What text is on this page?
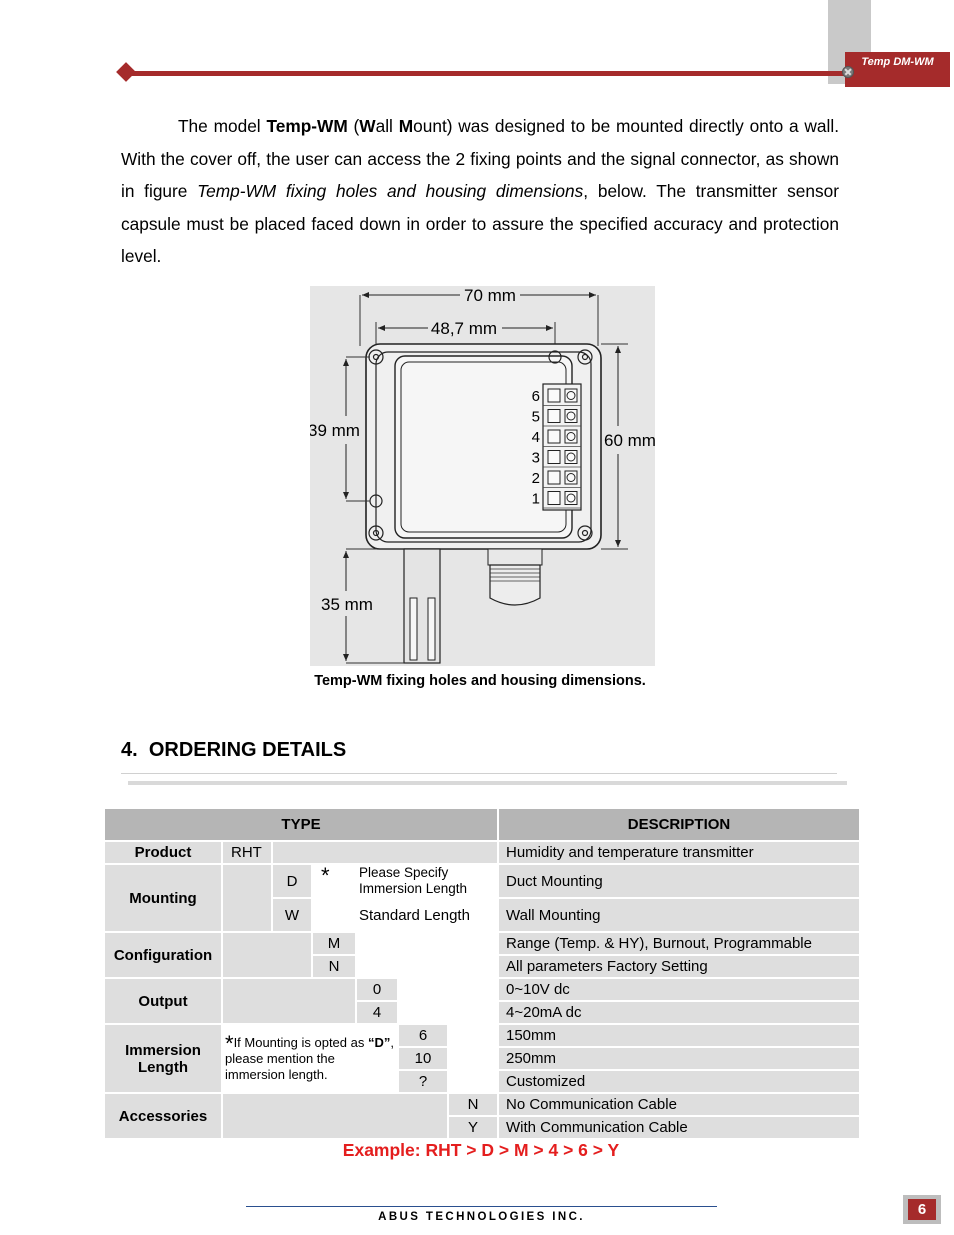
Temp DM-WM

The model Temp-WM (Wall Mount) was designed to be mounted directly onto a wall. With the cover off, the user can access the 2 fixing points and the signal connector, as shown in figure Temp-WM fixing holes and housing dimensions, below. The transmitter sensor capsule must be placed faced down in order to assure the specified accuracy and protection level.

70 mm
48,7 mm
6
5
4
3
2
1
39 mm
60 mm
35 mm
Temp-WM fixing holes and housing dimensions.
4. ORDERING DETAILS
TYPE							DESCRIPTION
Product	RHT						Humidity and temperature transmitter
Mounting		D	*	Please Specify Immersion Length			Duct Mounting
		W		Standard Length			Wall Mounting
Configuration			M				Range (Temp. & HY), Burnout, Programmable
			N				All parameters Factory Setting
Output				0			0~10V dc
				4			4~20mA dc
Immersion Length	*If Mounting is opted as “D”, please mention the immersion length.				6		150mm
					10		250mm
					?		Customized
Accessories						N	No Communication Cable
						Y	With Communication Cable
Example: RHT > D > M > 4 > 6 > Y
ABUS TECHNOLOGIES INC.	6
